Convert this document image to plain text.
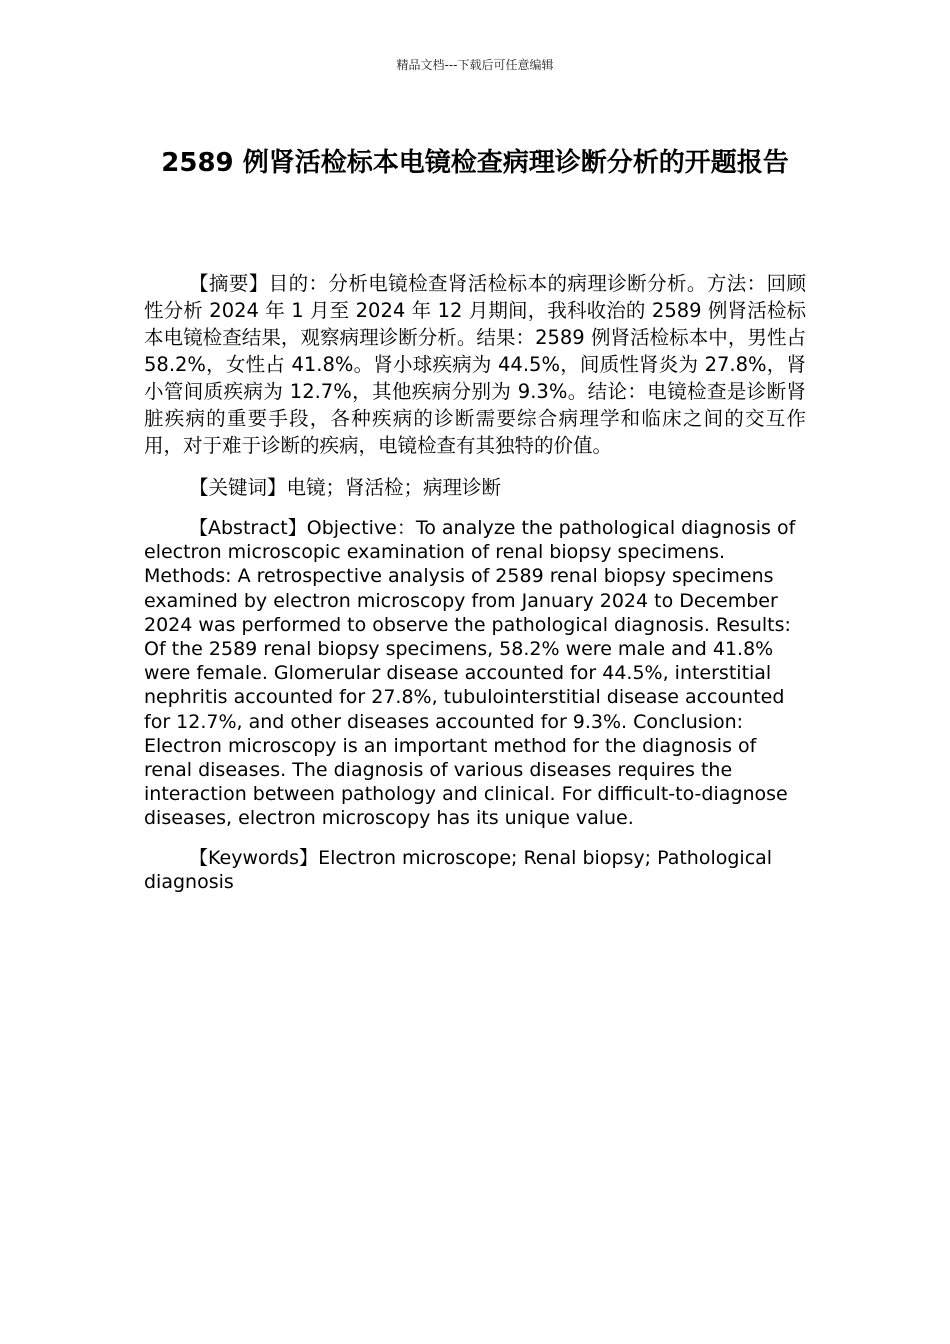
精品文档---下载后可任意编辑
2589 例肾活检标本电镜检查病理诊断分析的开题报告

【摘要】目的：分析电镜检查肾活检标本的病理诊断分析。方法：回顾性分析 2024 年 1 月至 2024 年 12 月期间，我科收治的 2589 例肾活检标本电镜检查结果，观察病理诊断分析。结果：2589 例肾活检标本中，男性占 58.2%，女性占 41.8%。肾小球疾病为 44.5%，间质性肾炎为 27.8%，肾小管间质疾病为 12.7%，其他疾病分别为 9.3%。结论：电镜检查是诊断肾脏疾病的重要手段，各种疾病的诊断需要综合病理学和临床之间的交互作用，对于难于诊断的疾病，电镜检查有其独特的价值。

【关键词】电镜；肾活检；病理诊断

【Abstract】Objective：To analyze the pathological diagnosis of electron microscopic examination of renal biopsy specimens. Methods: A retrospective analysis of 2589 renal biopsy specimens examined by electron microscopy from January 2024 to December 2024 was performed to observe the pathological diagnosis. Results: Of the 2589 renal biopsy specimens, 58.2% were male and 41.8% were female. Glomerular disease accounted for 44.5%, interstitial nephritis accounted for 27.8%, tubulointerstitial disease accounted for 12.7%, and other diseases accounted for 9.3%. Conclusion: Electron microscopy is an important method for the diagnosis of renal diseases. The diagnosis of various diseases requires the interaction between pathology and clinical. For difficult-to-diagnose diseases, electron microscopy has its unique value.

【Keywords】Electron microscope; Renal biopsy; Pathological diagnosis
